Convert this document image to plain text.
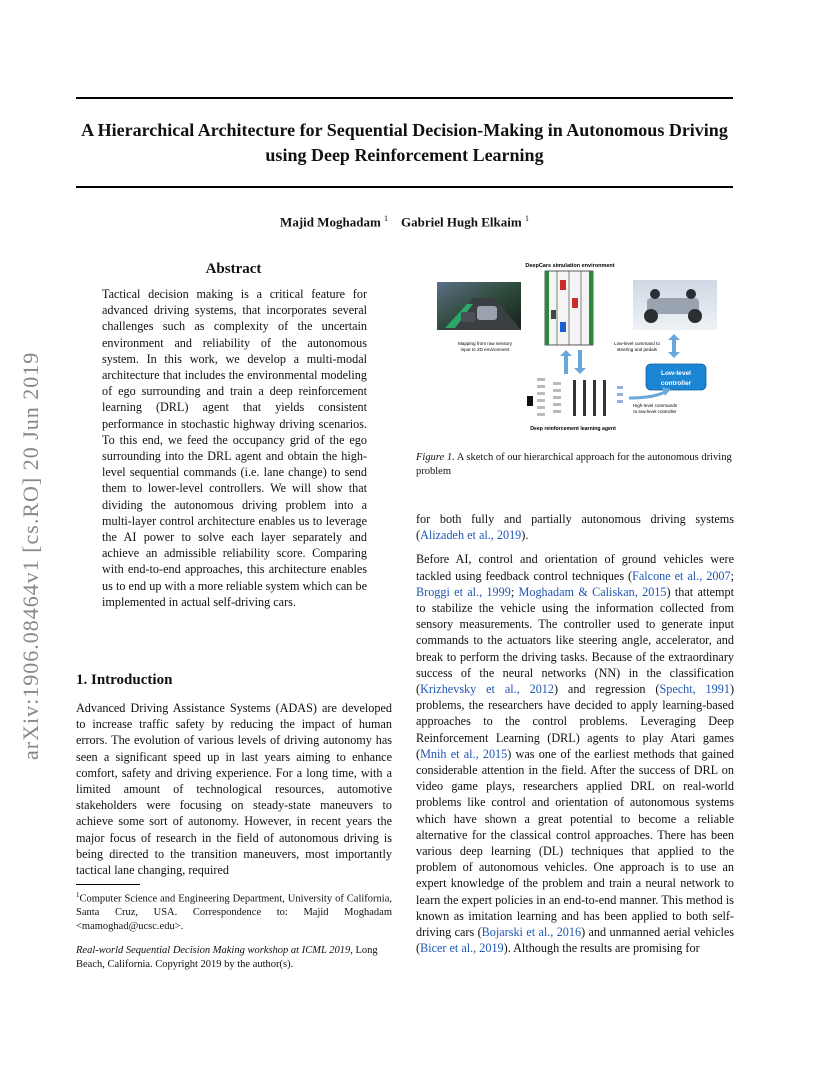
A Hierarchical Architecture for Sequential Decision-Making in Autonomous Driving using Deep Reinforcement Learning
Majid Moghadam $^1$ Gabriel Hugh Elkaim $^1$
arXiv:1906.08464v1 [cs.RO] 20 Jun 2019
Abstract

Tactical decision making is a critical feature for advanced driving systems, that incorporates several challenges such as complexity of the uncertain environment and reliability of the autonomous system. In this work, we develop a multi-modal architecture that includes the environmental modeling of ego surrounding and train a deep reinforcement learning (DRL) agent that yields consistent performance in stochastic highway driving scenarios. To this end, we feed the occupancy grid of the ego surrounding into the DRL agent and obtain the high-level sequential commands (i.e. lane change) to send them to lower-level controllers. We will show that dividing the autonomous driving problem into a multi-layer control architecture enables us to leverage the AI power to solve each layer separately and achieve an admissible reliability score. Comparing with end-to-end approaches, this architecture enables us to end up with a more reliable system which can be implemented in actual self-driving cars.

1. Introduction

Advanced Driving Assistance Systems (ADAS) are developed to increase traffic safety by reducing the impact of human errors. The evolution of various levels of driving autonomy has seen a significant speed up in last years aiming to enhance comfort, safety and driving experience. For a long time, with a limited amount of technological resources, automotive stakeholders were focusing on steady-state maneuvers to achieve some sort of autonomy. However, in recent years the major focus of research in the field of autonomous driving is being directed to the transition maneuvers, most importantly tactical lane changing, required

$^1$Computer Science and Engineering Department, University of California, Santa Cruz, USA. Correspondence to: Majid Moghadam <mamoghad@ucsc.edu>.

Real-world Sequential Decision Making workshop at ICML 2019, Long Beach, California. Copyright 2019 by the author(s).

DeepCars simulation environment
Mapping from raw sensory
input to 2D environment
Low-level command to
steering and pedals
Low-level
controller
High-level commands
to low-level controller
Deep reinforcement learning agent

Figure 1. A sketch of our hierarchical approach for the autonomous driving problem

for both fully and partially autonomous driving systems (Alizadeh et al., 2019).

Before AI, control and orientation of ground vehicles were tackled using feedback control techniques (Falcone et al., 2007; Broggi et al., 1999; Moghadam & Caliskan, 2015) that attempt to stabilize the vehicle using the information collected from sensory measurements. The controller used to generate input commands to the actuators like steering angle, accelerator, and break to perform the driving tasks. Because of the extraordinary success of the neural networks (NN) in the classification (Krizhevsky et al., 2012) and regression (Specht, 1991) problems, the researchers have decided to apply learning-based approaches to the control problems. Leveraging Deep Reinforcement Learning (DRL) agents to play Atari games (Mnih et al., 2015) was one of the earliest methods that gained considerable attention in the field. After the success of DRL on video game plays, researchers applied DRL on real-world problems like control and orientation of autonomous systems which have shown a great potential to become a reliable alternative for the classical control approaches. There has been various deep learning (DL) techniques that applied to the problem of autonomous vehicles. One approach is to use an expert knowledge of the problem and train a neural network to learn the expert policies in an end-to-end manner. This method is known as imitation learning and has been applied to both self-driving cars (Bojarski et al., 2016) and unmanned aerial vehicles (Bicer et al., 2019). Although the results are promising for
